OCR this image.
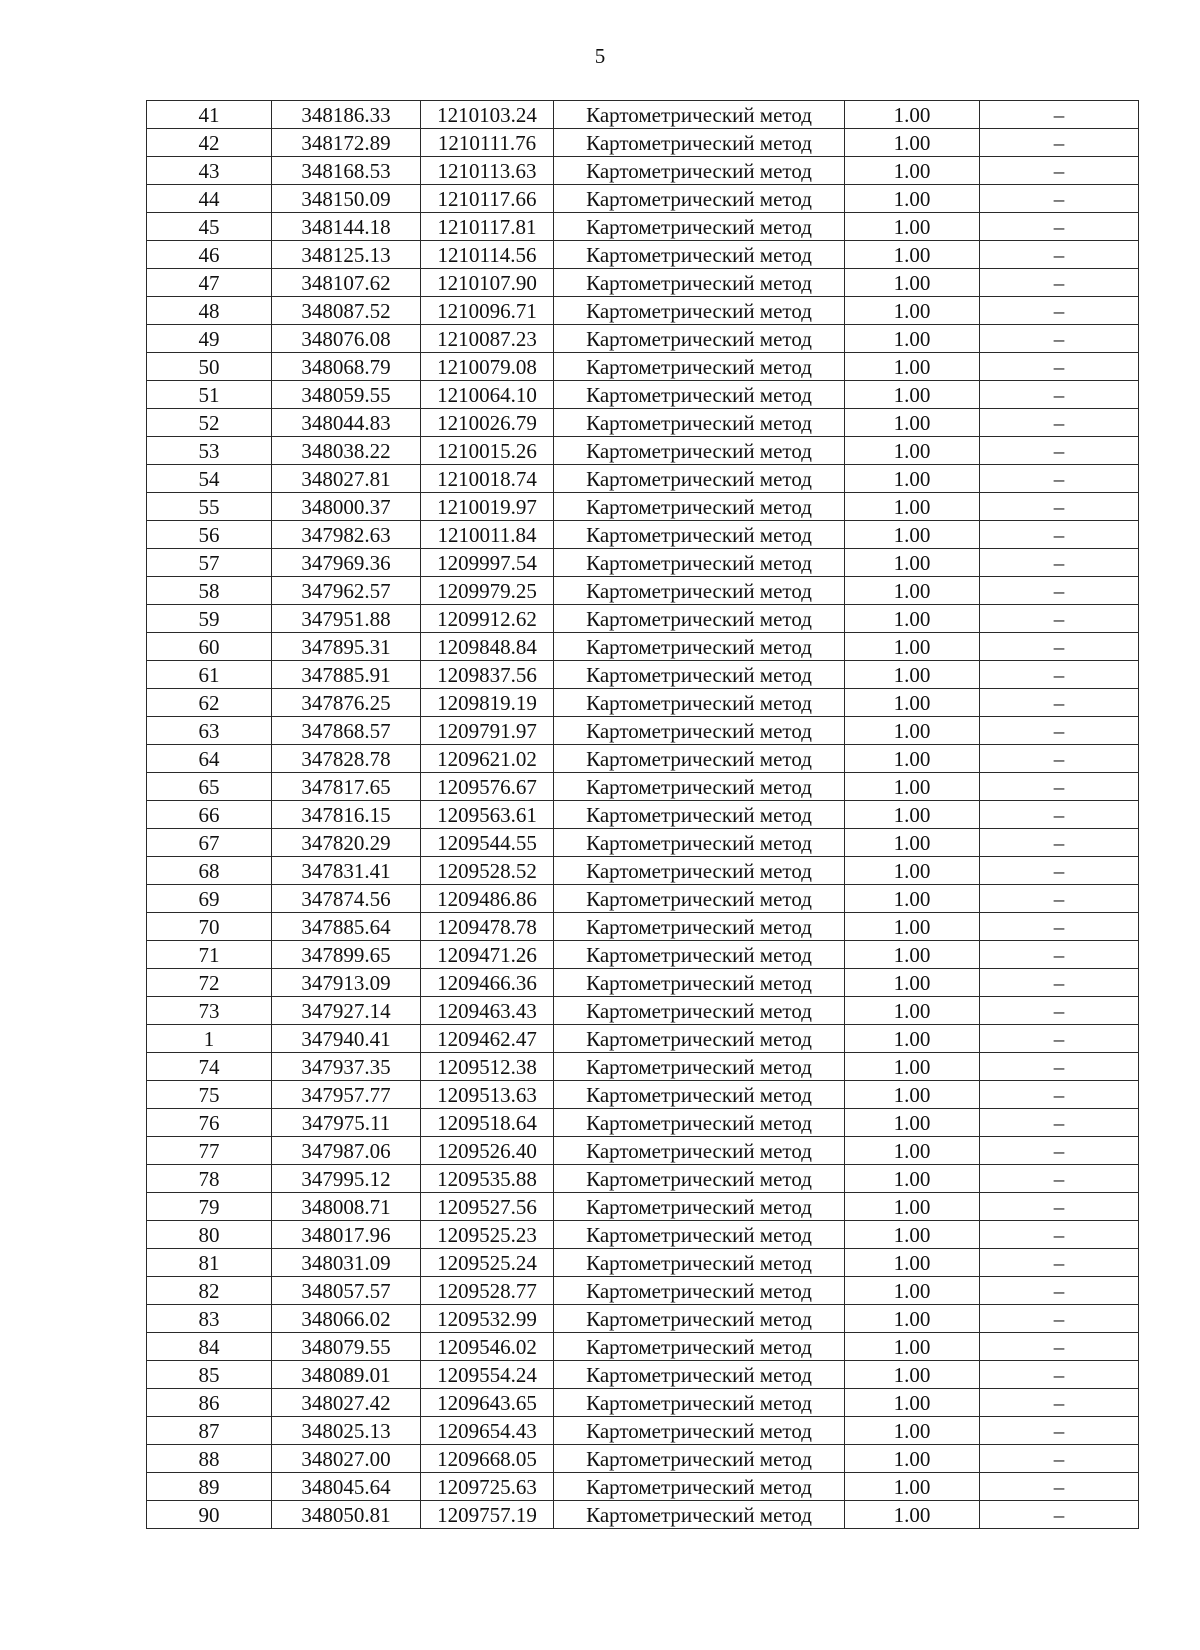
5
41	348186.33	1210103.24	Картометрический метод	1.00	–
42	348172.89	1210111.76	Картометрический метод	1.00	–
43	348168.53	1210113.63	Картометрический метод	1.00	–
44	348150.09	1210117.66	Картометрический метод	1.00	–
45	348144.18	1210117.81	Картометрический метод	1.00	–
46	348125.13	1210114.56	Картометрический метод	1.00	–
47	348107.62	1210107.90	Картометрический метод	1.00	–
48	348087.52	1210096.71	Картометрический метод	1.00	–
49	348076.08	1210087.23	Картометрический метод	1.00	–
50	348068.79	1210079.08	Картометрический метод	1.00	–
51	348059.55	1210064.10	Картометрический метод	1.00	–
52	348044.83	1210026.79	Картометрический метод	1.00	–
53	348038.22	1210015.26	Картометрический метод	1.00	–
54	348027.81	1210018.74	Картометрический метод	1.00	–
55	348000.37	1210019.97	Картометрический метод	1.00	–
56	347982.63	1210011.84	Картометрический метод	1.00	–
57	347969.36	1209997.54	Картометрический метод	1.00	–
58	347962.57	1209979.25	Картометрический метод	1.00	–
59	347951.88	1209912.62	Картометрический метод	1.00	–
60	347895.31	1209848.84	Картометрический метод	1.00	–
61	347885.91	1209837.56	Картометрический метод	1.00	–
62	347876.25	1209819.19	Картометрический метод	1.00	–
63	347868.57	1209791.97	Картометрический метод	1.00	–
64	347828.78	1209621.02	Картометрический метод	1.00	–
65	347817.65	1209576.67	Картометрический метод	1.00	–
66	347816.15	1209563.61	Картометрический метод	1.00	–
67	347820.29	1209544.55	Картометрический метод	1.00	–
68	347831.41	1209528.52	Картометрический метод	1.00	–
69	347874.56	1209486.86	Картометрический метод	1.00	–
70	347885.64	1209478.78	Картометрический метод	1.00	–
71	347899.65	1209471.26	Картометрический метод	1.00	–
72	347913.09	1209466.36	Картометрический метод	1.00	–
73	347927.14	1209463.43	Картометрический метод	1.00	–
1	347940.41	1209462.47	Картометрический метод	1.00	–
74	347937.35	1209512.38	Картометрический метод	1.00	–
75	347957.77	1209513.63	Картометрический метод	1.00	–
76	347975.11	1209518.64	Картометрический метод	1.00	–
77	347987.06	1209526.40	Картометрический метод	1.00	–
78	347995.12	1209535.88	Картометрический метод	1.00	–
79	348008.71	1209527.56	Картометрический метод	1.00	–
80	348017.96	1209525.23	Картометрический метод	1.00	–
81	348031.09	1209525.24	Картометрический метод	1.00	–
82	348057.57	1209528.77	Картометрический метод	1.00	–
83	348066.02	1209532.99	Картометрический метод	1.00	–
84	348079.55	1209546.02	Картометрический метод	1.00	–
85	348089.01	1209554.24	Картометрический метод	1.00	–
86	348027.42	1209643.65	Картометрический метод	1.00	–
87	348025.13	1209654.43	Картометрический метод	1.00	–
88	348027.00	1209668.05	Картометрический метод	1.00	–
89	348045.64	1209725.63	Картометрический метод	1.00	–
90	348050.81	1209757.19	Картометрический метод	1.00	–
